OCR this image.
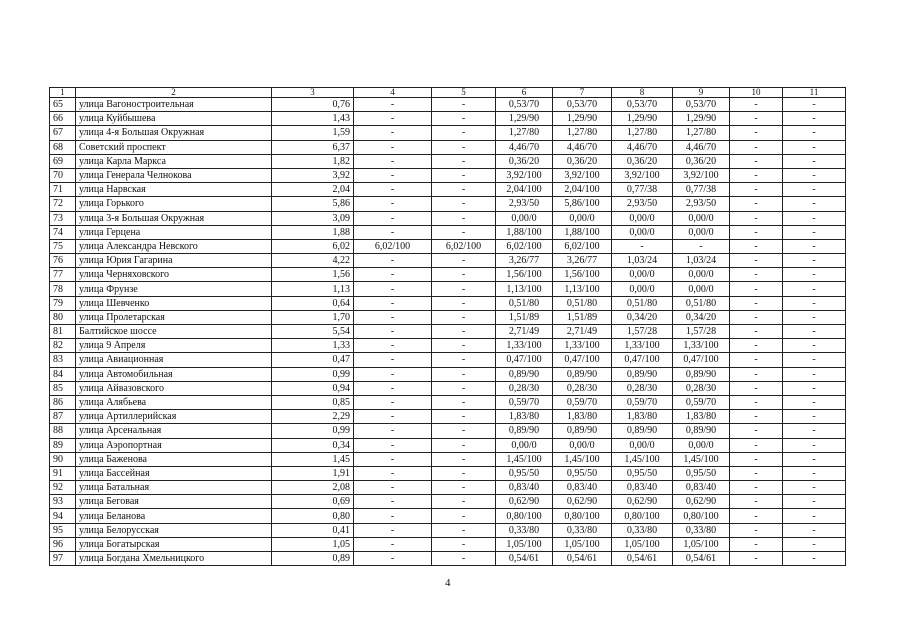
1	2	3	4	5	6	7	8	9	10	11
65	улица Вагоностроительная	0,76	-	-	0,53/70	0,53/70	0,53/70	0,53/70	-	-
66	улица Куйбышева	1,43	-	-	1,29/90	1,29/90	1,29/90	1,29/90	-	-
67	улица 4-я Большая Окружная	1,59	-	-	1,27/80	1,27/80	1,27/80	1,27/80	-	-
68	Советский проспект	6,37	-	-	4,46/70	4,46/70	4,46/70	4,46/70	-	-
69	улица Карла Маркса	1,82	-	-	0,36/20	0,36/20	0,36/20	0,36/20	-	-
70	улица Генерала Челнокова	3,92	-	-	3,92/100	3,92/100	3,92/100	3,92/100	-	-
71	улица Нарвская	2,04	-	-	2,04/100	2,04/100	0,77/38	0,77/38	-	-
72	улица Горького	5,86	-	-	2,93/50	5,86/100	2,93/50	2,93/50	-	-
73	улица 3-я Большая Окружная	3,09	-	-	0,00/0	0,00/0	0,00/0	0,00/0	-	-
74	улица Герцена	1,88	-	-	1,88/100	1,88/100	0,00/0	0,00/0	-	-
75	улица Александра Невского	6,02	6,02/100	6,02/100	6,02/100	6,02/100	-	-	-	-
76	улица Юрия Гагарина	4,22	-	-	3,26/77	3,26/77	1,03/24	1,03/24	-	-
77	улица Черняховского	1,56	-	-	1,56/100	1,56/100	0,00/0	0,00/0	-	-
78	улица Фрунзе	1,13	-	-	1,13/100	1,13/100	0,00/0	0,00/0	-	-
79	улица Шевченко	0,64	-	-	0,51/80	0,51/80	0,51/80	0,51/80	-	-
80	улица Пролетарская	1,70	-	-	1,51/89	1,51/89	0,34/20	0,34/20	-	-
81	Балтийское шоссе	5,54	-	-	2,71/49	2,71/49	1,57/28	1,57/28	-	-
82	улица 9 Апреля	1,33	-	-	1,33/100	1,33/100	1,33/100	1,33/100	-	-
83	улица Авиационная	0,47	-	-	0,47/100	0,47/100	0,47/100	0,47/100	-	-
84	улица Автомобильная	0,99	-	-	0,89/90	0,89/90	0,89/90	0,89/90	-	-
85	улица Айвазовского	0,94	-	-	0,28/30	0,28/30	0,28/30	0,28/30	-	-
86	улица Алябьева	0,85	-	-	0,59/70	0,59/70	0,59/70	0,59/70	-	-
87	улица Артиллерийская	2,29	-	-	1,83/80	1,83/80	1,83/80	1,83/80	-	-
88	улица Арсенальная	0,99	-	-	0,89/90	0,89/90	0,89/90	0,89/90	-	-
89	улица Аэропортная	0,34	-	-	0,00/0	0,00/0	0,00/0	0,00/0	-	-
90	улица Баженова	1,45	-	-	1,45/100	1,45/100	1,45/100	1,45/100	-	-
91	улица Бассейная	1,91	-	-	0,95/50	0,95/50	0,95/50	0,95/50	-	-
92	улица Батальная	2,08	-	-	0,83/40	0,83/40	0,83/40	0,83/40	-	-
93	улица Беговая	0,69	-	-	0,62/90	0,62/90	0,62/90	0,62/90	-	-
94	улица Беланова	0,80	-	-	0,80/100	0,80/100	0,80/100	0,80/100	-	-
95	улица Белорусская	0,41	-	-	0,33/80	0,33/80	0,33/80	0,33/80	-	-
96	улица Богатырская	1,05	-	-	1,05/100	1,05/100	1,05/100	1,05/100	-	-
97	улица Богдана Хмельницкого	0,89	-	-	0,54/61	0,54/61	0,54/61	0,54/61	-	-
4
